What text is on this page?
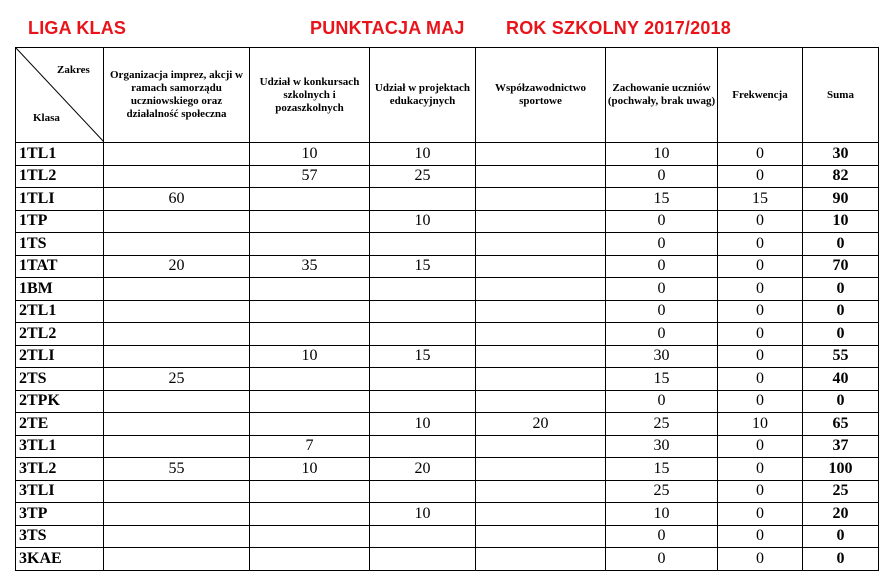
LIGA KLAS	PUNKTACJA MAJ ROK SZKOLNY 2017/2018
Zakres
Klasa	Organizacja imprez, akcji w ramach samorządu uczniowskiego oraz działalność społeczna	Udział w konkursach szkolnych i pozaszkolnych	Udział w projektach edukacyjnych	Współzawodnictwo sportowe	Zachowanie uczniów (pochwały, brak uwag)	Frekwencja	Suma
1TL1		10	10		10	0	30
1TL2		57	25		0	0	82
1TLI	60				15	15	90
1TP			10		0	0	10
1TS					0	0	0
1TAT	20	35	15		0	0	70
1BM					0	0	0
2TL1					0	0	0
2TL2					0	0	0
2TLI		10	15		30	0	55
2TS	25				15	0	40
2TPK					0	0	0
2TE			10	20	25	10	65
3TL1		7			30	0	37
3TL2	55	10	20		15	0	100
3TLI					25	0	25
3TP			10		10	0	20
3TS					0	0	0
3KAE					0	0	0
